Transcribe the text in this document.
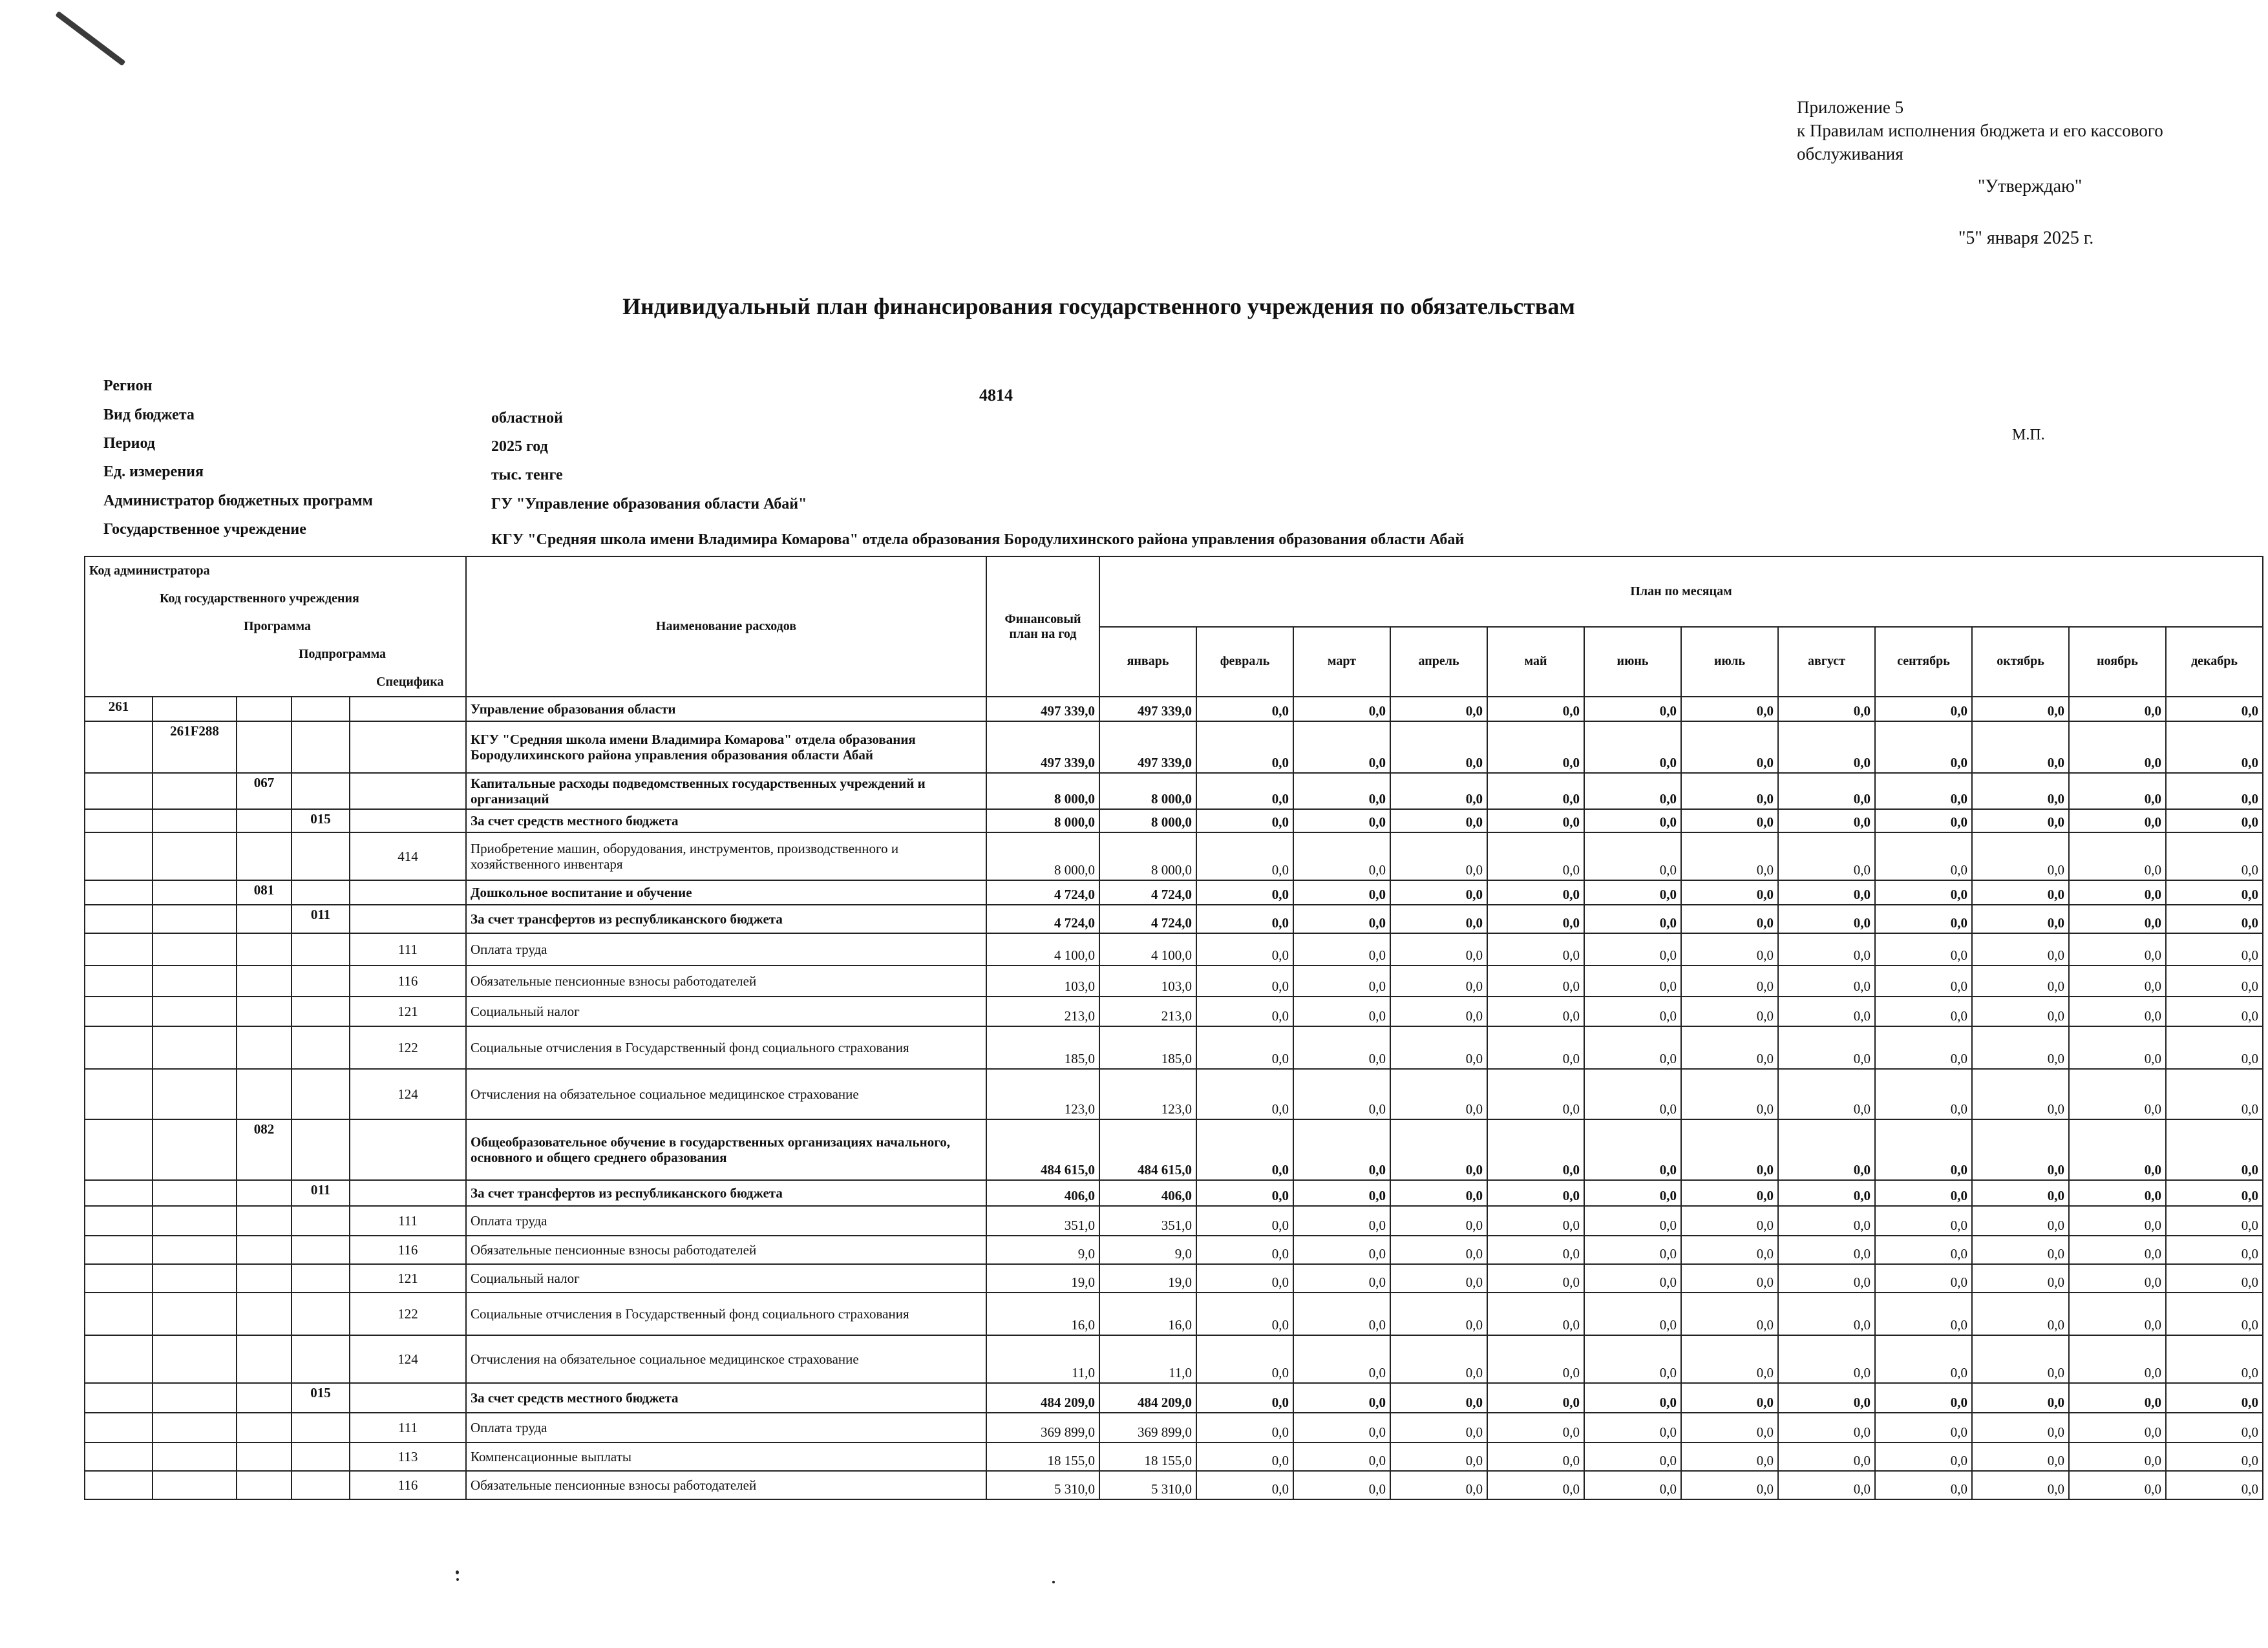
Приложение 5
к Правилам исполнения бюджета и его кассового обслуживания
"Утверждаю"
"5" января 2025 г.
Индивидуальный план финансирования государственного учреждения по обязательствам
Регион	4814
Вид бюджета	областной
Период	2025 год
М.П.
Ед. измерения	тыс. тенге
Администратор бюджетных программ	ГУ "Управление образования области Абай"
Государственное учреждение
КГУ "Средняя школа имени Владимира Комарова" отдела образования Бородулихинского района управления образования области Абай
Код администратора
Код государственного учреждения
Программа
Подпрограмма
Специфика					Наименование расходов	Финансовый план на год	План по месяцам											
							январь	февраль	март	апрель	май	июнь	июль	август	сентябрь	октябрь	ноябрь	декабрь
261					Управление образования области	497 339,0	497 339,0	0,0	0,0	0,0	0,0	0,0	0,0	0,0	0,0	0,0	0,0	0,0
	261F288				КГУ "Средняя школа имени Владимира Комарова" отдела образования Бородулихинского района управления образования области Абай	497 339,0	497 339,0	0,0	0,0	0,0	0,0	0,0	0,0	0,0	0,0	0,0	0,0	0,0
		067			Капитальные расходы подведомственных государственных учреждений и организаций	8 000,0	8 000,0	0,0	0,0	0,0	0,0	0,0	0,0	0,0	0,0	0,0	0,0	0,0
			015		За счет средств местного бюджета	8 000,0	8 000,0	0,0	0,0	0,0	0,0	0,0	0,0	0,0	0,0	0,0	0,0	0,0
				414	Приобретение машин, оборудования, инструментов, производственного и хозяйственного инвентаря	8 000,0	8 000,0	0,0	0,0	0,0	0,0	0,0	0,0	0,0	0,0	0,0	0,0	0,0
		081			Дошкольное воспитание и обучение	4 724,0	4 724,0	0,0	0,0	0,0	0,0	0,0	0,0	0,0	0,0	0,0	0,0	0,0
			011		За счет трансфертов из республиканского бюджета	4 724,0	4 724,0	0,0	0,0	0,0	0,0	0,0	0,0	0,0	0,0	0,0	0,0	0,0
				111	Оплата труда	4 100,0	4 100,0	0,0	0,0	0,0	0,0	0,0	0,0	0,0	0,0	0,0	0,0	0,0
				116	Обязательные пенсионные взносы работодателей	103,0	103,0	0,0	0,0	0,0	0,0	0,0	0,0	0,0	0,0	0,0	0,0	0,0
				121	Социальный налог	213,0	213,0	0,0	0,0	0,0	0,0	0,0	0,0	0,0	0,0	0,0	0,0	0,0
				122	Социальные отчисления в Государственный фонд социального страхования	185,0	185,0	0,0	0,0	0,0	0,0	0,0	0,0	0,0	0,0	0,0	0,0	0,0
				124	Отчисления на обязательное социальное медицинское страхование	123,0	123,0	0,0	0,0	0,0	0,0	0,0	0,0	0,0	0,0	0,0	0,0	0,0
		082			Общеобразовательное обучение в государственных организациях начального, основного и общего среднего образования	484 615,0	484 615,0	0,0	0,0	0,0	0,0	0,0	0,0	0,0	0,0	0,0	0,0	0,0
			011		За счет трансфертов из республиканского бюджета	406,0	406,0	0,0	0,0	0,0	0,0	0,0	0,0	0,0	0,0	0,0	0,0	0,0
				111	Оплата труда	351,0	351,0	0,0	0,0	0,0	0,0	0,0	0,0	0,0	0,0	0,0	0,0	0,0
				116	Обязательные пенсионные взносы работодателей	9,0	9,0	0,0	0,0	0,0	0,0	0,0	0,0	0,0	0,0	0,0	0,0	0,0
				121	Социальный налог	19,0	19,0	0,0	0,0	0,0	0,0	0,0	0,0	0,0	0,0	0,0	0,0	0,0
				122	Социальные отчисления в Государственный фонд социального страхования	16,0	16,0	0,0	0,0	0,0	0,0	0,0	0,0	0,0	0,0	0,0	0,0	0,0
				124	Отчисления на обязательное социальное медицинское страхование	11,0	11,0	0,0	0,0	0,0	0,0	0,0	0,0	0,0	0,0	0,0	0,0	0,0
			015		За счет средств местного бюджета	484 209,0	484 209,0	0,0	0,0	0,0	0,0	0,0	0,0	0,0	0,0	0,0	0,0	0,0
				111	Оплата труда	369 899,0	369 899,0	0,0	0,0	0,0	0,0	0,0	0,0	0,0	0,0	0,0	0,0	0,0
				113	Компенсационные выплаты	18 155,0	18 155,0	0,0	0,0	0,0	0,0	0,0	0,0	0,0	0,0	0,0	0,0	0,0
				116	Обязательные пенсионные взносы работодателей	5 310,0	5 310,0	0,0	0,0	0,0	0,0	0,0	0,0	0,0	0,0	0,0	0,0	0,0
